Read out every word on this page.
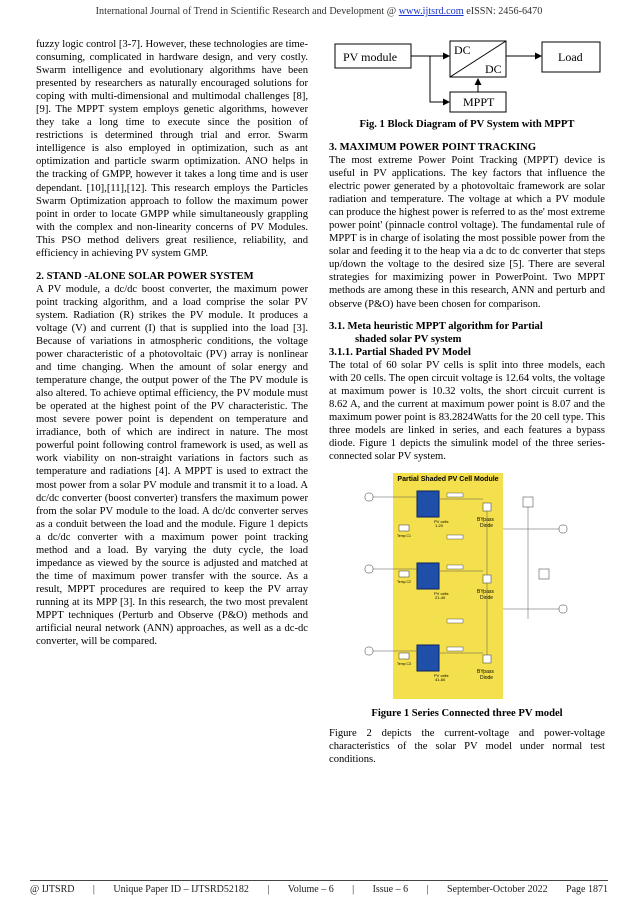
International Journal of Trend in Scientific Research and Development @ www.ijtsrd.com eISSN: 2456-6470

fuzzy logic control [3-7]. However, these technologies are time-consuming, complicated in hardware design, and very costly. Swarm intelligence and evolutionary algorithms have been presented by researchers as naturally encouraged solutions for coping with multi-dimensional and multimodal challenges [8], [9]. The MPPT system employs genetic algorithms, however they take a long time to execute since the position of restrictions is determined through trial and error. Swarm intelligence is also employed in optimization, such as ant optimization and particle swarm optimization. ANO helps in the tracking of GMPP, however it takes a long time and is user dependant. [10],[11],[12]. This research employs the Particles Swarm Optimization approach to follow the maximum power point in order to locate GMPP while simultaneously grappling with the complex and non-linearity concerns of PV Modules. This PSO method delivers great resilience, reliability, and efficiency in achieving PV system GMP.

2. STAND -ALONE SOLAR POWER SYSTEM

A PV module, a dc/dc boost converter, the maximum power point tracking algorithm, and a load comprise the solar PV system. Radiation (R) strikes the PV module. It produces a voltage (V) and current (I) that is supplied into the load [3]. Because of variations in atmospheric conditions, the voltage power characteristic of a photovoltaic (PV) array is nonlinear and time changing. When the amount of solar energy and temperature change, the output power of the The PV module is also altered. To achieve optimal efficiency, the PV module must be operated at the highest point of the PV characteristic. The most severe power point is dependent on temperature and irradiance, both of which are indirect in nature. The most powerful point following control framework is used, as well as work viability on non-straight variations in factors such as temperature and radiations [4]. A MPPT is used to extract the most power from a solar PV module and transmit it to a load. A dc/dc converter (boost converter) transfers the maximum power from the solar PV module to the load. A dc/dc converter serves as a conduit between the load and the module. Figure 1 depicts a dc/dc converter with a maximum power point tracking method and a load. By varying the duty cycle, the load impedance as viewed by the source is adjusted and matched at the time of maximum power transfer with the source. As a result, MPPT procedures are required to keep the PV array running at its MPP [3]. In this research, the two most prevalent MPPT techniques (Perturb and Observe (P&O) methods and artificial neural network (ANN) approaches, as well as a dc-dc converter, will be compared.

PV module	DC
DC
Load
MPPT
Fig. 1 Block Diagram of PV System with MPPT
3. MAXIMUM POWER POINT TRACKING

The most extreme Power Point Tracking (MPPT) device is useful in PV applications. The key factors that influence the electric power generated by a photovoltaic framework are solar radiation and temperature. The voltage at which a PV module can produce the highest power is referred to as the' most extreme power point' (pinnacle control voltage). The fundamental rule of MPPT is in charge of isolating the most possible power from the solar and feeding it to the heap via a dc to dc converter that steps up/down the voltage to the desired size [5]. There are several strategies for maximizing power in PowerPoint. Two MPPT methods are among these in this research, ANN and perturb and observe (P&O) have been chosen for comparison.

3.1. Meta heuristic MPPT algorithm for Partial
shaded solar PV system
3.1.1. Partial Shaded PV Model

The total of 60 solar PV cells is split into three models, each with 20 cells. The open circuit voltage is 12.64 volts, the voltage at maximum power is 10.32 volts, the short circuit current is 8.62 A, and the current at maximum power point is 8.07 and the maximum power point is 83.2824Watts for the 20 cell type. This three models are linked in series, and each features a bypass diode. Figure 1 depicts the simulink model of the three series-connected solar PV system.

Partial Shaded PV Cell Module
PV cells
1-20
Temp C1
BYpass
Diode
PV cells
21-40
Temp C2
BYpass
Diode
PV cells
41-60
Temp C3
BYpass
Diode
Figure 1 Series Connected three PV model

Figure 2 depicts the current-voltage and power-voltage characteristics of the solar PV model under normal test conditions.

@ IJTSRD | Unique Paper ID – IJTSRD52182 | Volume – 6 | Issue – 6 | September-October 2022 Page 1871
